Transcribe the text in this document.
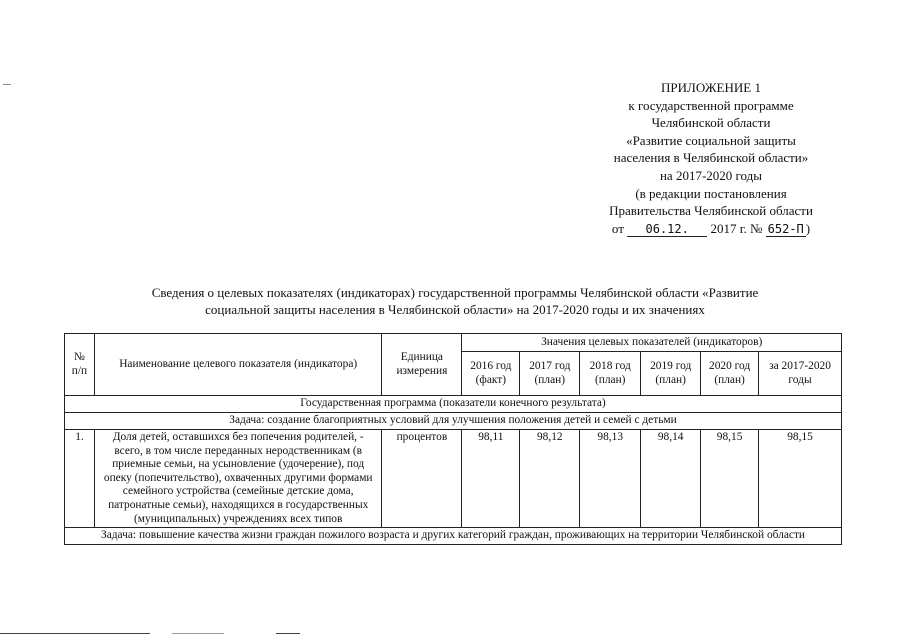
ПРИЛОЖЕНИЕ 1
к государственной программе
Челябинской области
«Развитие социальной защиты
населения в Челябинской области»
на 2017-2020 годы
(в редакции постановления
Правительства Челябинской области
от 06.12. 2017 г. № 652-П )
Сведения о целевых показателях (индикаторах) государственной программы Челябинской области «Развитие
социальной защиты населения в Челябинской области» на 2017-2020 годы и их значениях
№ п/п	Наименование целевого показателя (индикатора)	Единица измерения	Значения целевых показателей (индикаторов)					
			2016 год (факт)	2017 год (план)	2018 год (план)	2019 год (план)	2020 год (план)	за 2017-2020 годы
Государственная программа (показатели конечного результата)								
Задача: создание благоприятных условий для улучшения положения детей и семей с детьми								
1.	Доля детей, оставшихся без попечения родителей, - всего, в том числе переданных неродственникам (в приемные семьи, на усыновление (удочерение), под опеку (попечительство), охваченных другими формами семейного устройства (семейные детские дома, патронатные семьи), находящихся в государственных (муниципальных) учреждениях всех типов	процентов	98,11	98,12	98,13	98,14	98,15	98,15
Задача: повышение качества жизни граждан пожилого возраста и других категорий граждан, проживающих на территории Челябинской области								
